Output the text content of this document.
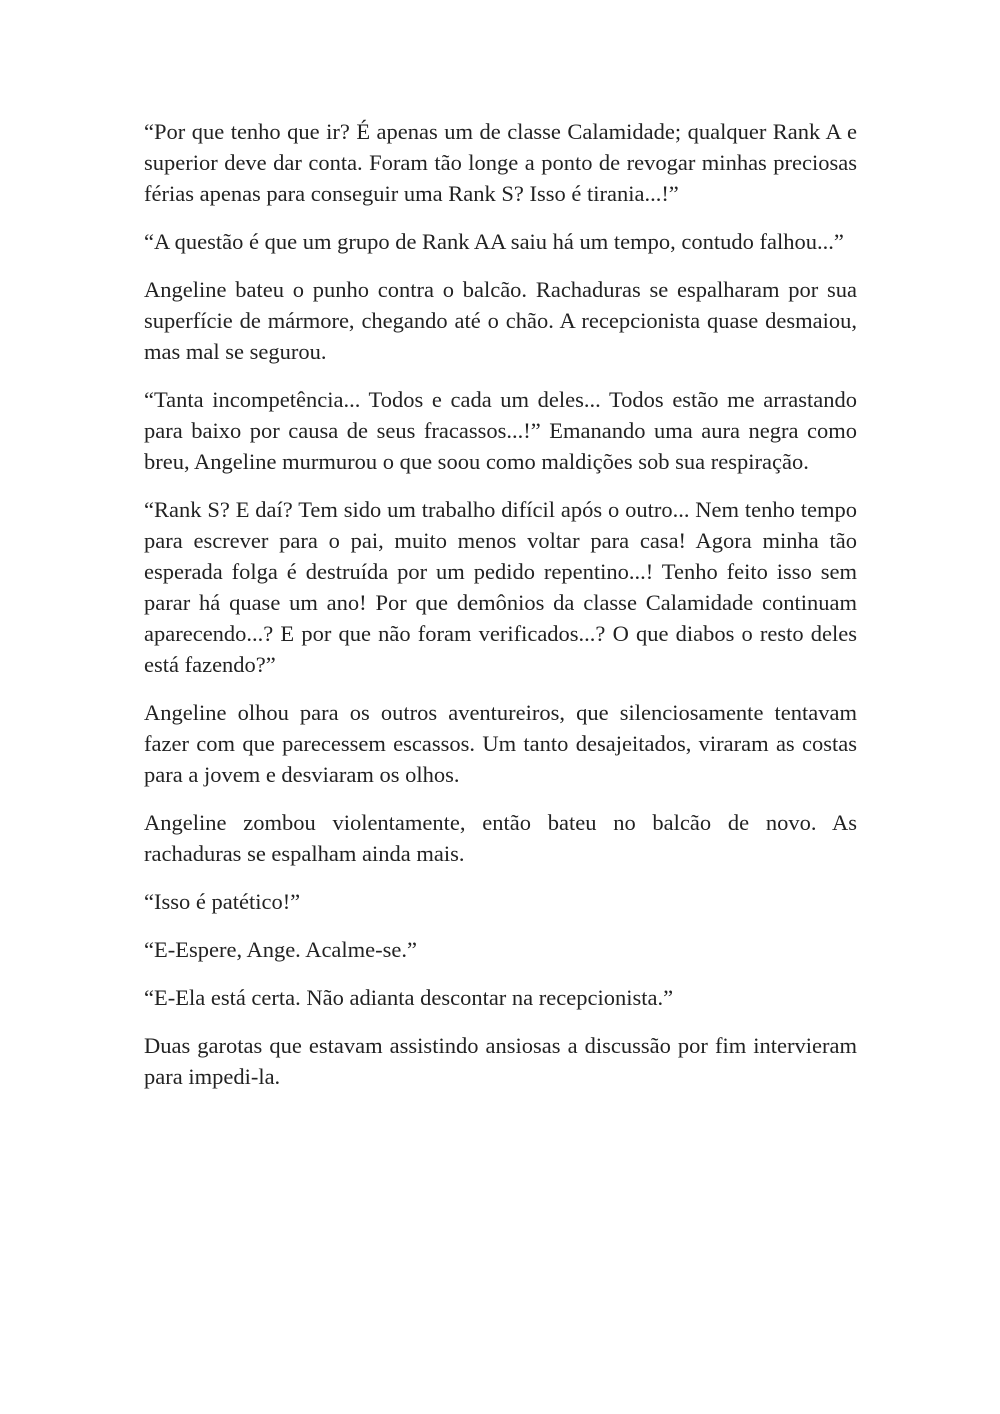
“Por que tenho que ir? É apenas um de classe Calamidade; qualquer Rank A e superior deve dar conta. Foram tão longe a ponto de revogar minhas preciosas férias apenas para conseguir uma Rank S? Isso é tirania...!”

“A questão é que um grupo de Rank AA saiu há um tempo, contudo falhou...”

Angeline bateu o punho contra o balcão. Rachaduras se espalharam por sua superfície de mármore, chegando até o chão. A recepcionista quase desmaiou, mas mal se segurou.

“Tanta incompetência... Todos e cada um deles... Todos estão me arrastando para baixo por causa de seus fracassos...!” Emanando uma aura negra como breu, Angeline murmurou o que soou como maldições sob sua respiração.

“Rank S? E daí? Tem sido um trabalho difícil após o outro... Nem tenho tempo para escrever para o pai, muito menos voltar para casa! Agora minha tão esperada folga é destruída por um pedido repentino...! Tenho feito isso sem parar há quase um ano! Por que demônios da classe Calamidade continuam aparecendo...? E por que não foram verificados...? O que diabos o resto deles está fazendo?”

Angeline olhou para os outros aventureiros, que silenciosamente tentavam fazer com que parecessem escassos. Um tanto desajeitados, viraram as costas para a jovem e desviaram os olhos.

Angeline zombou violentamente, então bateu no balcão de novo. As rachaduras se espalham ainda mais.

“Isso é patético!”

“E-Espere, Ange. Acalme-se.”

“E-Ela está certa. Não adianta descontar na recepcionista.”

Duas garotas que estavam assistindo ansiosas a discussão por fim intervieram para impedi-la.
